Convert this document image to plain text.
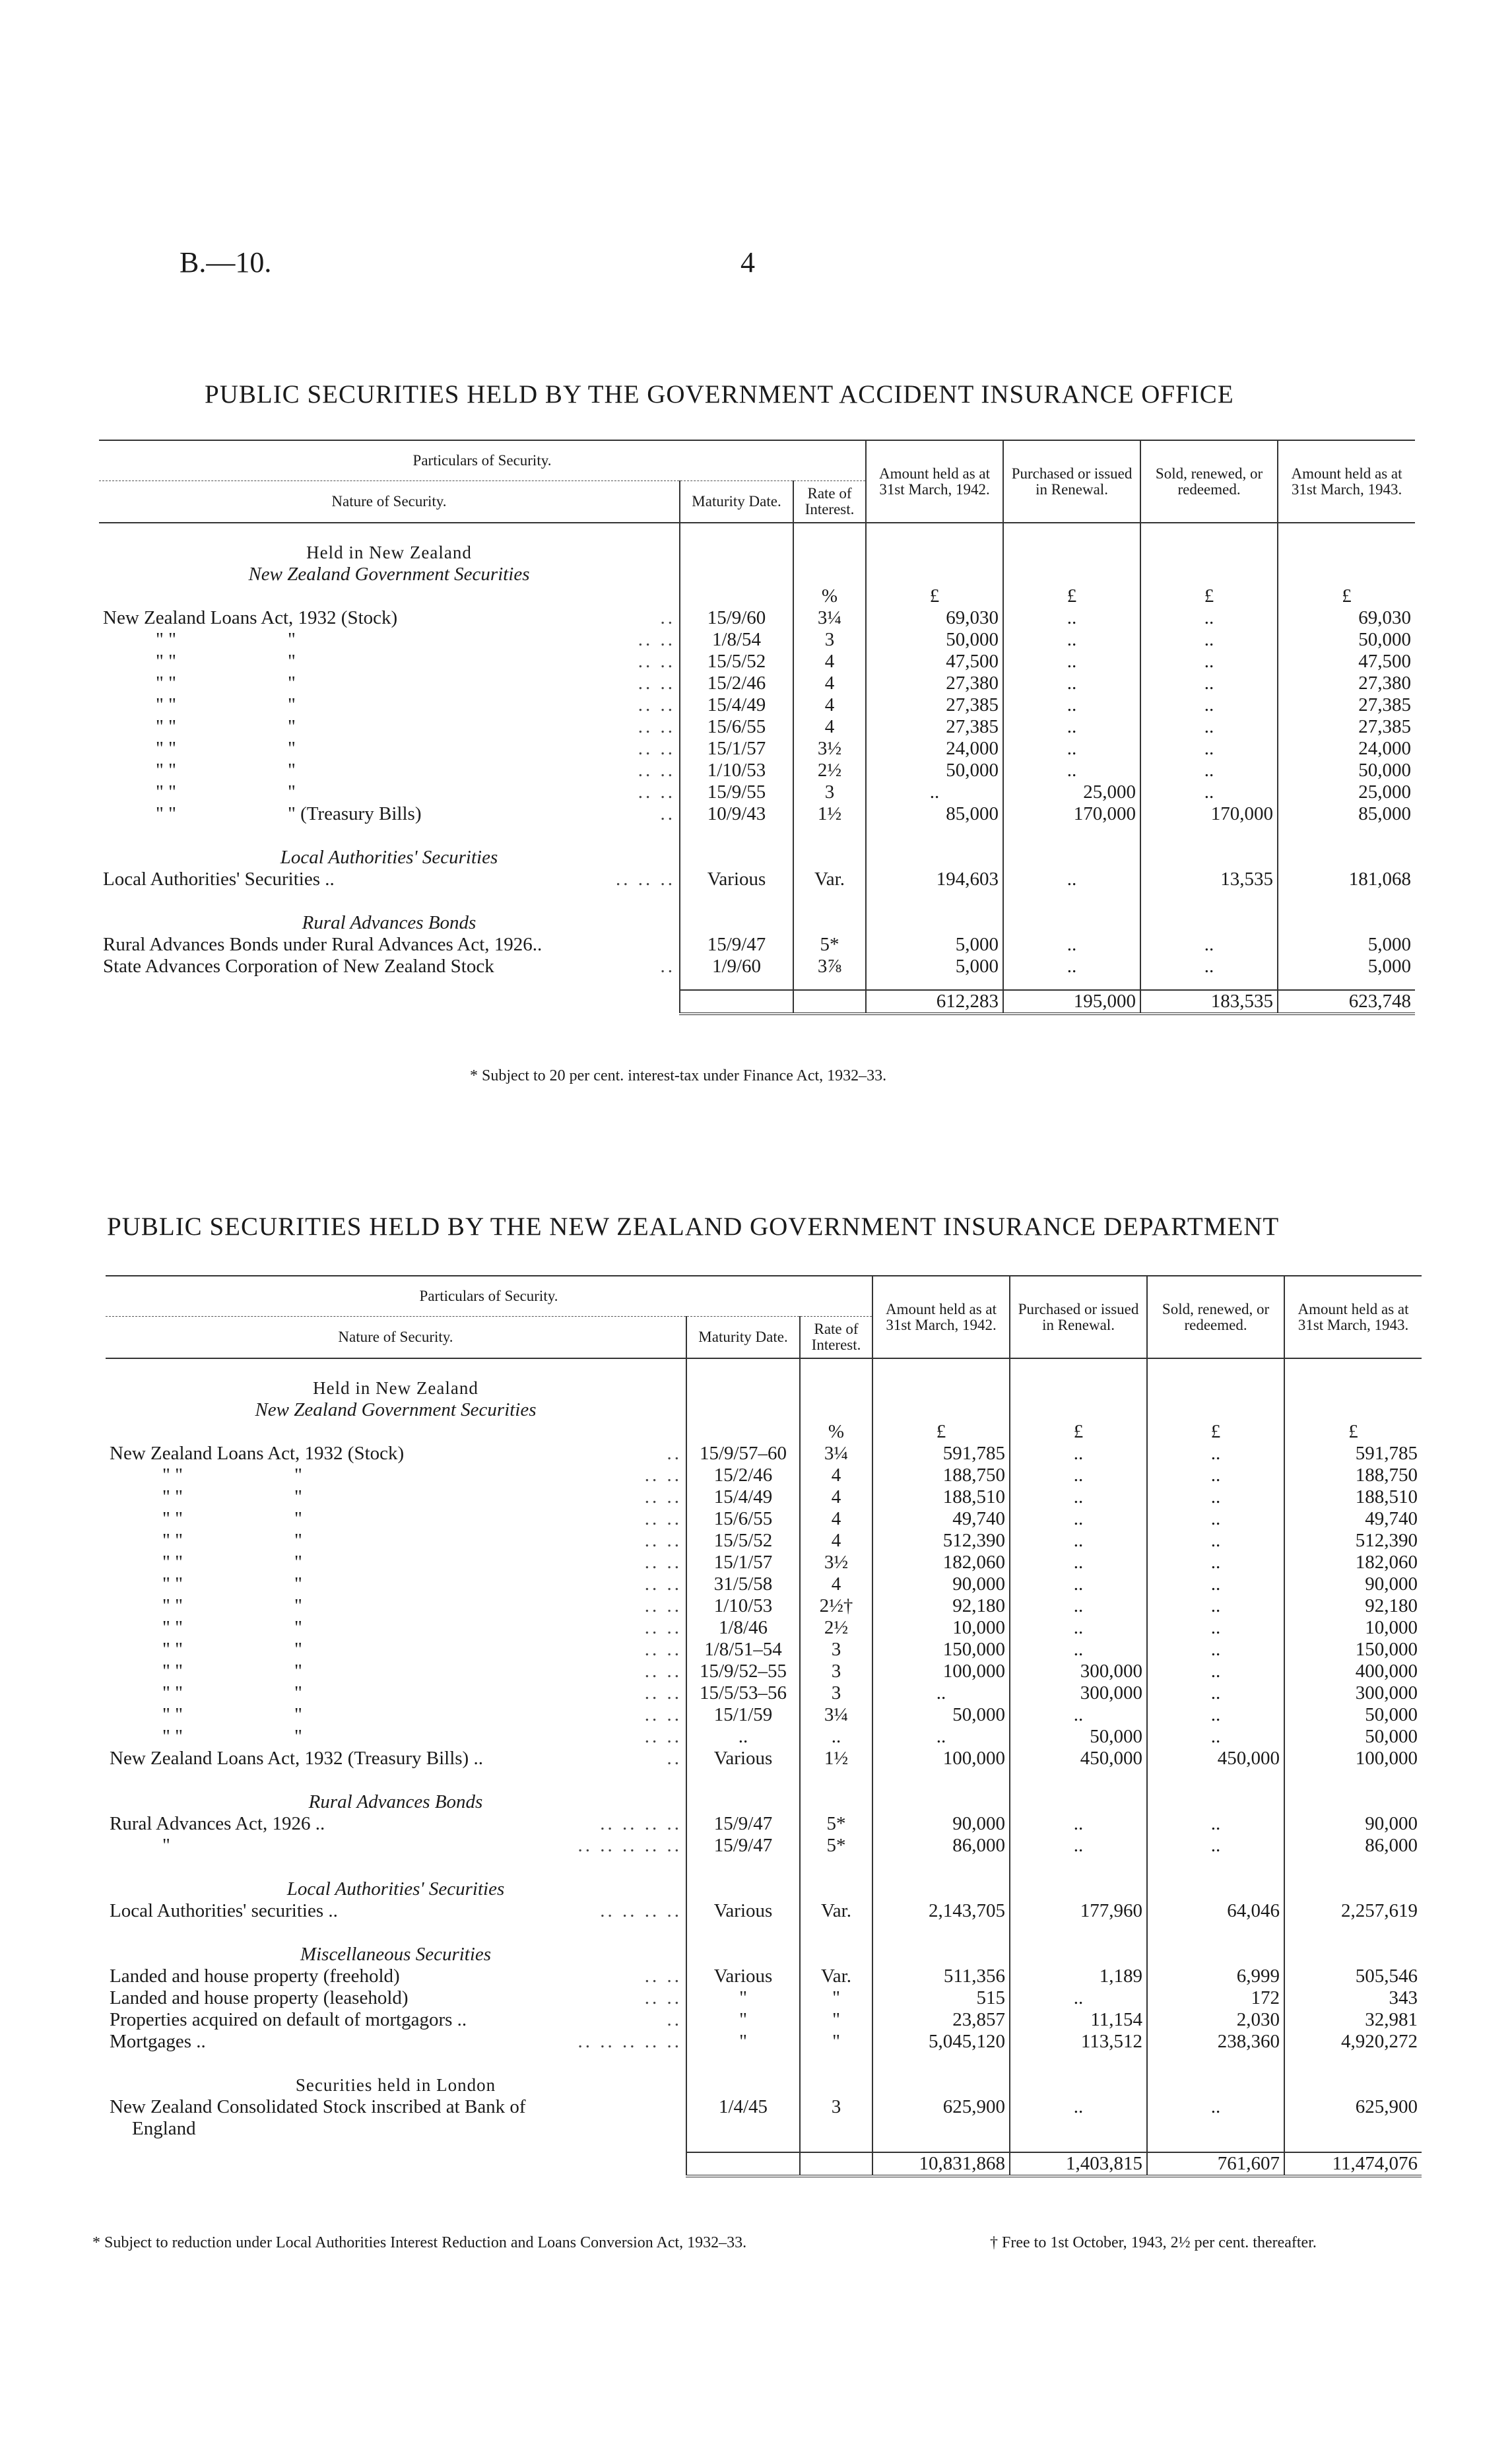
B.—10.	4
PUBLIC SECURITIES HELD BY THE GOVERNMENT ACCIDENT INSURANCE OFFICE
Particulars of Security.			Amount held as at 31st March, 1942.	Purchased or issued in Renewal.	Sold, renewed, or redeemed.	Amount held as at 31st March, 1943.
Nature of Security.	Maturity Date.	Rate of Interest.				

Held in New Zealand						
New Zealand Government Securities						
		%	£	£	£	£

New Zealand Loans Act, 1932 (Stock) ..	15/9/60	3¼	69,030	..	..	69,030

" " " .. ..	1/8/54	3	50,000	..	..	50,000

" " " .. ..	15/5/52	4	47,500	..	..	47,500

" " " .. ..	15/2/46	4	27,380	..	..	27,380

" " " .. ..	15/4/49	4	27,385	..	..	27,385

" " " .. ..	15/6/55	4	27,385	..	..	27,385

" " " .. ..	15/1/57	3½	24,000	..	..	24,000

" " " .. ..	1/10/53	2½	50,000	..	..	50,000

" " " .. ..	15/9/55	3	..	25,000	..	25,000

" " " (Treasury Bills) ..	10/9/43	1½	85,000	170,000	170,000	85,000

Local Authorities' Securities						

Local Authorities' Securities .. .. .. ..	Various	Var.	194,603	..	13,535	181,068

Rural Advances Bonds						

Rural Advances Bonds under Rural Advances Act, 1926..	15/9/47	5*	5,000	..	..	5,000

State Advances Corporation of New Zealand Stock ..	1/9/60	3⅞	5,000	..	..	5,000

			612,283	195,000	183,535	623,748
* Subject to 20 per cent. interest-tax under Finance Act, 1932–33.
PUBLIC SECURITIES HELD BY THE NEW ZEALAND GOVERNMENT INSURANCE DEPARTMENT
Particulars of Security.			Amount held as at 31st March, 1942.	Purchased or issued in Renewal.	Sold, renewed, or redeemed.	Amount held as at 31st March, 1943.
Nature of Security.	Maturity Date.	Rate of Interest.				

Held in New Zealand						
New Zealand Government Securities						
		%	£	£	£	£

New Zealand Loans Act, 1932 (Stock) ..	15/9/57–60	3¼	591,785	..	..	591,785

" " " .. ..	15/2/46	4	188,750	..	..	188,750

" " " .. ..	15/4/49	4	188,510	..	..	188,510

" " " .. ..	15/6/55	4	49,740	..	..	49,740

" " " .. ..	15/5/52	4	512,390	..	..	512,390

" " " .. ..	15/1/57	3½	182,060	..	..	182,060

" " " .. ..	31/5/58	4	90,000	..	..	90,000

" " " .. ..	1/10/53	2½†	92,180	..	..	92,180

" " " .. ..	1/8/46	2½	10,000	..	..	10,000

" " " .. ..	1/8/51–54	3	150,000	..	..	150,000

" " " .. ..	15/9/52–55	3	100,000	300,000	..	400,000

" " " .. ..	15/5/53–56	3	..	300,000	..	300,000

" " " .. ..	15/1/59	3¼	50,000	..	..	50,000

" " " .. ..	..	..	..	50,000	..	50,000

New Zealand Loans Act, 1932 (Treasury Bills) .. ..	Various	1½	100,000	450,000	450,000	100,000

Rural Advances Bonds						

Rural Advances Act, 1926 .. .. .. .. ..	15/9/47	5*	90,000	..	..	90,000

" .. .. .. .. ..	15/9/47	5*	86,000	..	..	86,000

Local Authorities' Securities						

Local Authorities' securities .. .. .. .. ..	Various	Var.	2,143,705	177,960	64,046	2,257,619

Miscellaneous Securities						

Landed and house property (freehold) .. ..	Various	Var.	511,356	1,189	6,999	505,546

Landed and house property (leasehold) .. ..	"	"	515	..	172	343

Properties acquired on default of mortgagors .. ..	"	"	23,857	11,154	2,030	32,981

Mortgages .. .. .. .. .. ..	"	"	5,045,120	113,512	238,360	4,920,272

Securities held in London						

New Zealand Consolidated Stock inscribed at Bank of	1/4/45	3	625,900	..	..	625,900
England						

			10,831,868	1,403,815	761,607	11,474,076
* Subject to reduction under Local Authorities Interest Reduction and Loans Conversion Act, 1932–33.	† Free to 1st October, 1943, 2½ per cent. thereafter.
